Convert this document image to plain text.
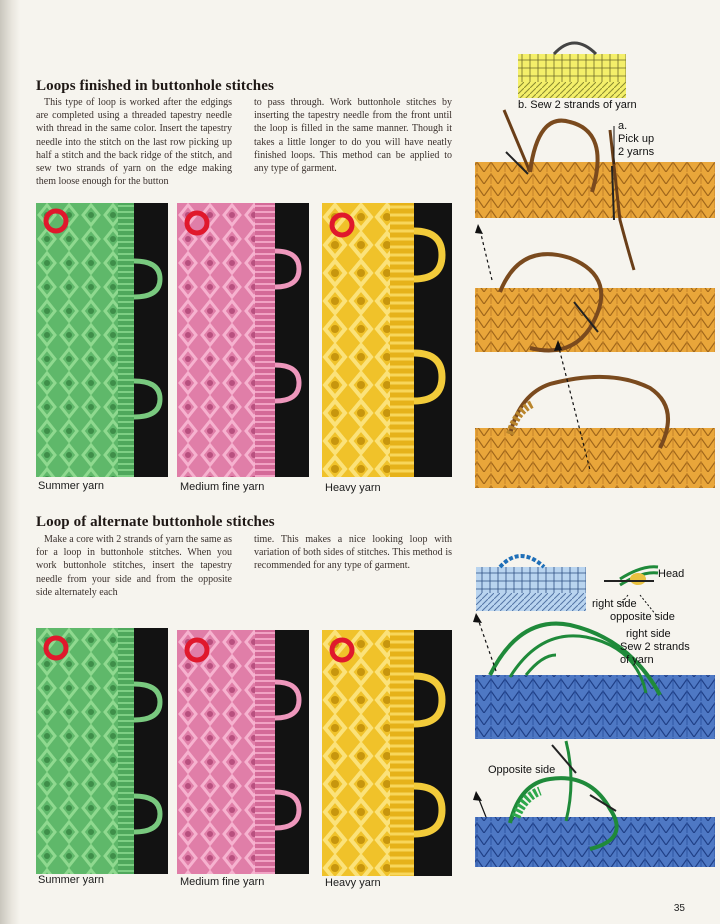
Loops finished in buttonhole stitches

This type of loop is worked after the edgings are completed using a threaded tapestry needle with thread in the same color. Insert the tapestry needle into the stitch on the last row picking up half a stitch and the back ridge of the stitch, and sew two strands of yarn on the edge making them loose enough for the button

to pass through. Work buttonhole stitches by inserting the tapestry needle from the front until the loop is filled in the same manner. Though it takes a little longer to do you will have neatly finished loops. This method can be applied to any type of garment.

Summer yarn	Medium fine yarn	Heavy yarn
b. Sew 2 strands of yarn
a.
Pick up
2 yarns
Loop of alternate buttonhole stitches

Make a core with 2 strands of yarn the same as for a loop in buttonhole stitches. When you work buttonhole stitches, insert the tapestry needle from your side and from the opposite side alternately each

time. This makes a nice looking loop with variation of both sides of stitches. This method is recommended for any type of garment.

Summer yarn	Medium fine yarn	Heavy yarn
Head
right side
opposite side
right side
Sew 2 strands
of yarn
Opposite side
35
